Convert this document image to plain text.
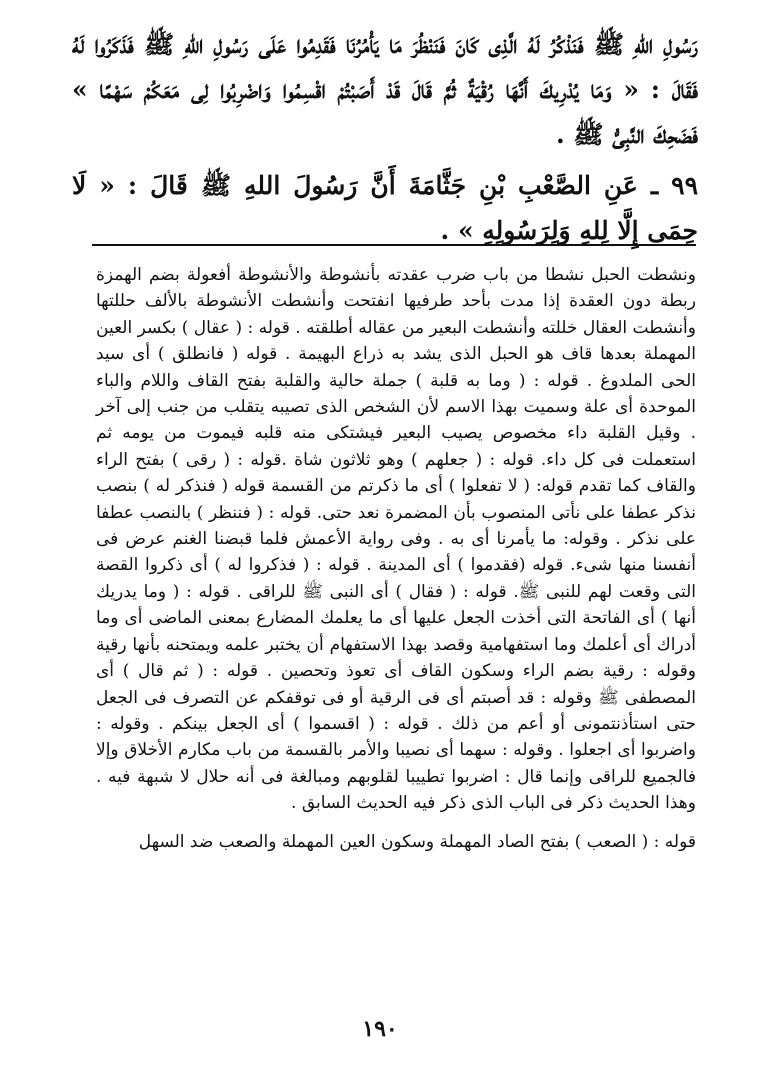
رَسُولِ اللهِ ﷺ فَنَذْكُرُ لَهُ الَّذِى كَانَ فَنَنْظُرَ مَا يَأْمُرُنَا فَقَدِمُوا عَلَى رَسُولِ اللهِ ﷺ فَذَكَرُوا لَهُ فَقَالَ : « وَمَا يُدْرِيكَ أَنَّهَا رُقْيَةٌ ثُمَّ قَالَ قَدْ أَصَبْتُمْ اقْسِمُوا وَاضْرِبُوا لِى مَعَكُمْ سَهْمًا » فَضَحِكَ النَّبِىُّ ﷺ .

٩٩ ـ عَنِ الصَّعْبِ بْنِ جَثَّامَةَ أَنَّ رَسُولَ اللهِ ﷺ قَالَ : « لَا حِمَى إِلَّا لِلهِ وَلِرَسُولِهِ » .

ونشطت الحبل نشطا من باب ضرب عقدته بأنشوطة والأنشوطة أفعولة بضم الهمزة ربطة دون العقدة إذا مدت بأحد طرفيها انفتحت وأنشطت الأنشوطة بالألف حللتها وأنشطت العقال خللته وأنشطت البعير من عقاله أطلقته . قوله : ( عقال ) بكسر العين المهملة بعدها قاف هو الحبل الذى يشد به ذراع البهيمة . قوله ( فانطلق ) أى سيد الحى الملدوغ . قوله : ( وما به قلبة ) جملة حالية والقلبة بفتح القاف واللام والباء الموحدة أى علة وسميت بهذا الاسم لأن الشخص الذى تصيبه يتقلب من جنب إلى آخر . وقيل القلبة داء مخصوص يصيب البعير فيشتكى منه قلبه فيموت من يومه ثم استعملت فى كل داء. قوله : ( جعلهم ) وهو ثلاثون شاة .قوله : ( رقى ) بفتح الراء والقاف كما تقدم قوله: ( لا تفعلوا ) أى ما ذكرتم من القسمة قوله ( فنذكر له ) بنصب نذكر عطفا على نأتى المنصوب بأن المضمرة نعد حتى. قوله : ( فننظر ) بالنصب عطفا على نذكر . وقوله: ما يأمرنا أى به . وفى رواية الأعمش فلما قبضنا الغنم عرض فى أنفسنا منها شىء. قوله (فقدموا ) أى المدينة . قوله : ( فذكروا له ) أى ذكروا القصة التى وقعت لهم للنبى ﷺ. قوله : ( فقال ) أى النبى ﷺ للراقى . قوله : ( وما يدريك أنها ) أى الفاتحة التى أخذت الجعل عليها أى ما يعلمك المضارع بمعنى الماضى أى وما أدراك أى أعلمك وما استفهامية وقصد بهذا الاستفهام أن يختبر علمه ويمتحنه بأنها رقية وقوله : رقية بضم الراء وسكون القاف أى تعوذ وتحصين . قوله : ( ثم قال ) أى المصطفى ﷺ وقوله : قد أصبتم أى فى الرقية أو فى توقفكم عن التصرف فى الجعل حتى استأذنتمونى أو أعم من ذلك . قوله : ( اقسموا ) أى الجعل بينكم . وقوله : واضربوا أى اجعلوا . وقوله : سهما أى نصيبا والأمر بالقسمة من باب مكارم الأخلاق وإلا فالجميع للراقى وإنما قال : اضربوا تطييبا لقلوبهم ومبالغة فى أنه حلال لا شبهة فيه . وهذا الحديث ذكر فى الباب الذى ذكر فيه الحديث السابق .

قوله : ( الصعب ) بفتح الصاد المهملة وسكون العين المهملة والصعب ضد السهل

١٩٠
